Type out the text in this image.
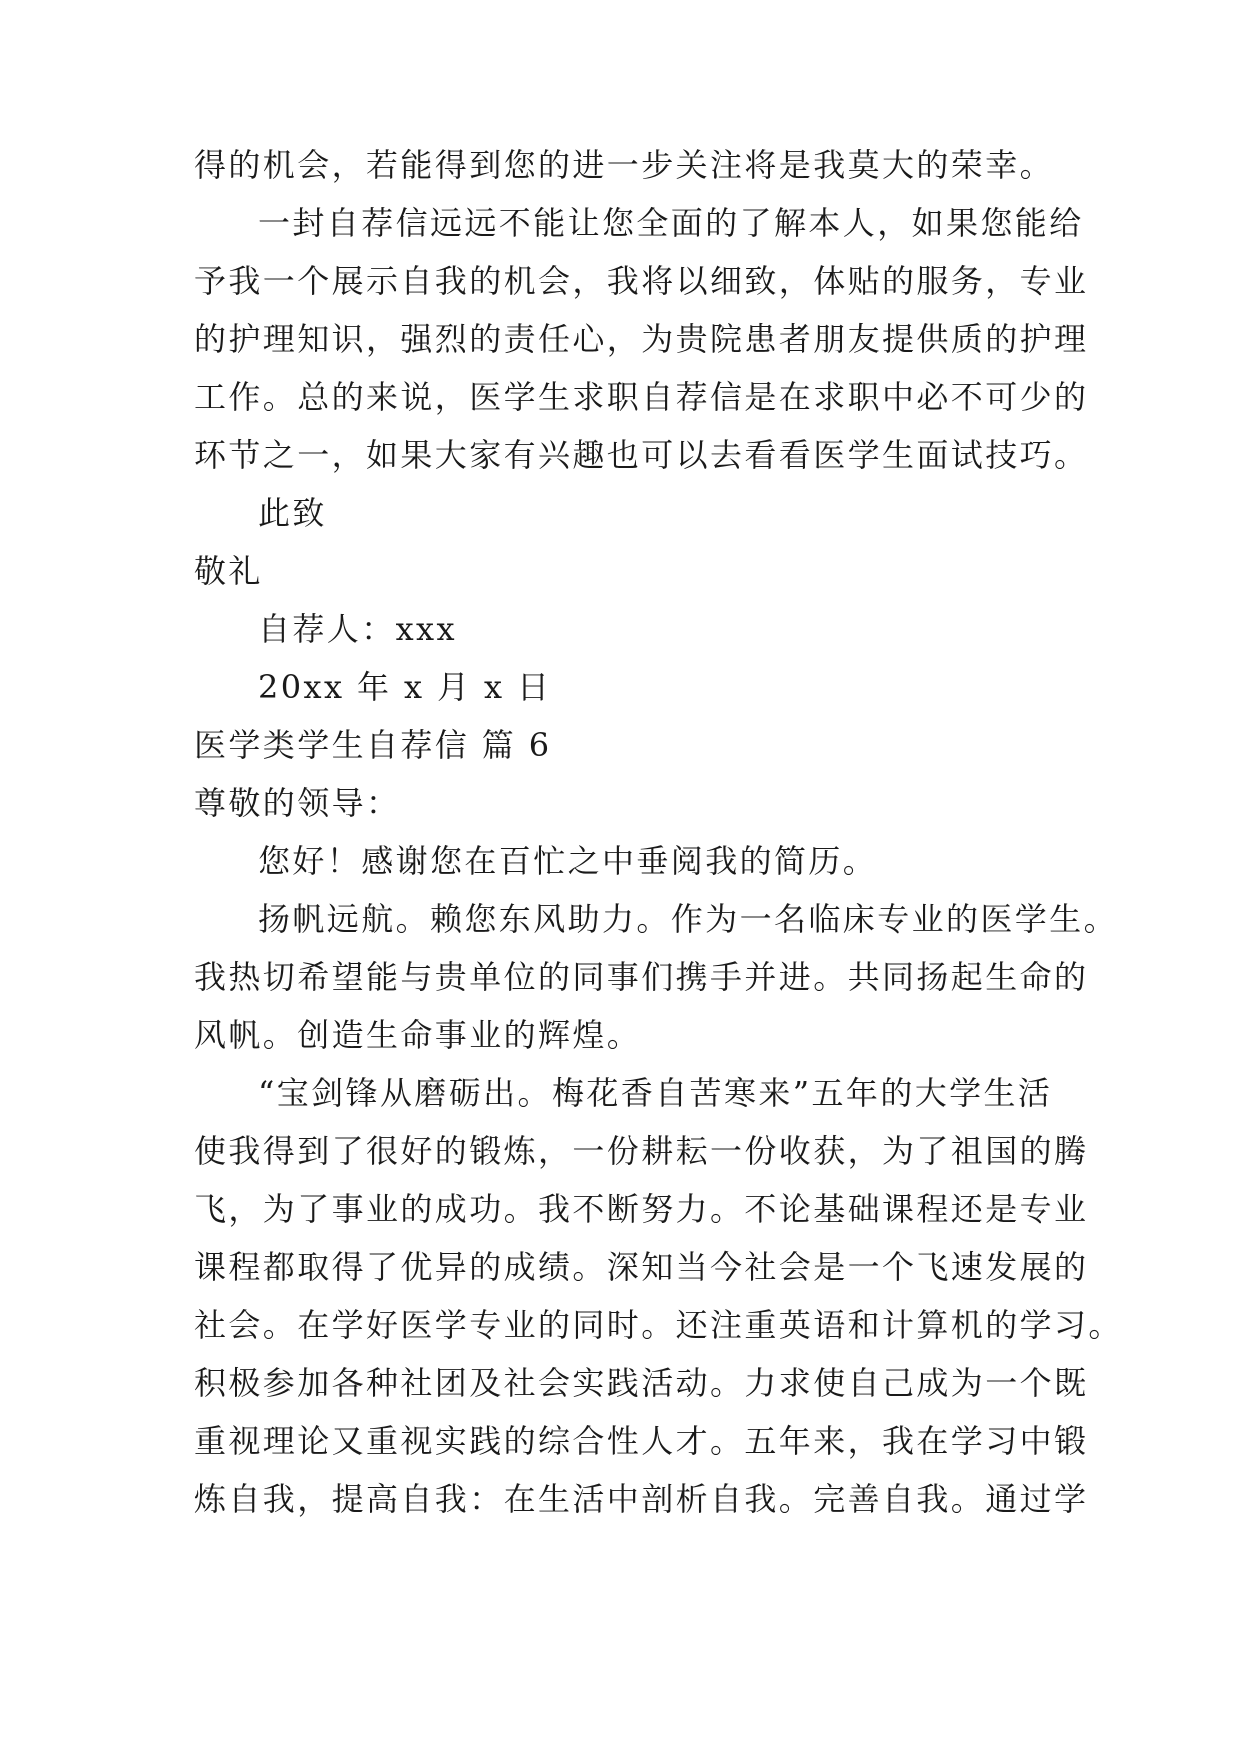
得的机会，若能得到您的进一步关注将是我莫大的荣幸。
一封自荐信远远不能让您全面的了解本人，如果您能给
予我一个展示自我的机会，我将以细致，体贴的服务，专业
的护理知识，强烈的责任心，为贵院患者朋友提供质的护理
工作。总的来说，医学生求职自荐信是在求职中必不可少的
环节之一，如果大家有兴趣也可以去看看医学生面试技巧。
此致
敬礼
自荐人：xxx
20xx 年 x 月 x 日
医学类学生自荐信 篇 6
尊敬的领导：
您好！感谢您在百忙之中垂阅我的简历。
扬帆远航。赖您东风助力。作为一名临床专业的医学生。
我热切希望能与贵单位的同事们携手并进。共同扬起生命的
风帆。创造生命事业的辉煌。
“宝剑锋从磨砺出。梅花香自苦寒来”五年的大学生活
使我得到了很好的锻炼，一份耕耘一份收获，为了祖国的腾
飞，为了事业的成功。我不断努力。不论基础课程还是专业
课程都取得了优异的成绩。深知当今社会是一个飞速发展的
社会。在学好医学专业的同时。还注重英语和计算机的学习。
积极参加各种社团及社会实践活动。力求使自己成为一个既
重视理论又重视实践的综合性人才。五年来，我在学习中锻
炼自我，提高自我：在生活中剖析自我。完善自我。通过学
